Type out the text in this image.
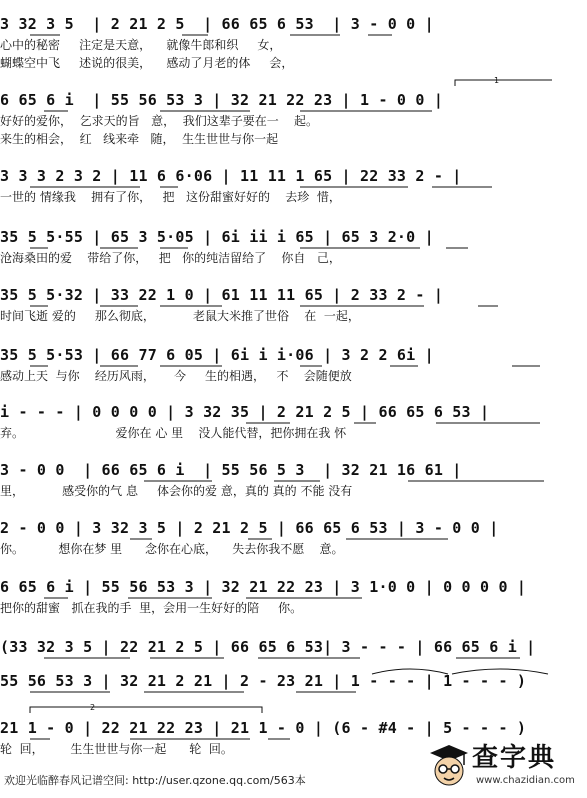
3 32 3 5  | 2 21 2 5  | 66 65 6 53  | 3 - 0 0 |
心中的秘密     注定是天意，    就像牛郎和织     女，
蝴蝶空中飞     述说的很美，    感动了月老的体     会，
6 65 6 i  | 55 56 53 3 | 32 21 22 23 | 1 - 0 0 |
好好的爱你，  乞求天的旨   意，  我们这辈子要在一    起。
来生的相会，  红   线来牵   随，  生生世世与你一起
3 3 3 2 3 2 | 11 6 6·06 | 11 11 1 65 | 22 33 2 - |
一世的 情缘我    拥有了你，   把   这份甜蜜好好的    去珍  惜，
35 5 5·55 | 65 3 5·05 | 6i ii i 65 | 65 3 2·0 |
沧海桑田的爱    带给了你，   把   你的纯洁留给了    你自   己，
35 5 5·32 | 33 22 1 0 | 61 11 11 65 | 2 33 2 - |
时间飞逝 爱的     那么彻底，          老鼠大米推了世俗    在  一起，
35 5 5·53 | 66 77 6 05 | 6i i i·06 | 3 2 2 6i |
感动上天  与你    经历风雨，     今     生的相遇，   不    会随便放
i - - - | 0 0 0 0 | 3 32 35 | 2 21 2 5 | 66 65 6 53 |
弃。                        爱你在 心 里    没人能代替，把你拥在我 怀
3 - 0 0  | 66 65 6 i  | 55 56 5 3  | 32 21 16 61 |
里，          感受你的气 息     体会你的爱 意，真的 真的 不能 没有
2 - 0 0 | 3 32 3 5 | 2 21 2 5 | 66 65 6 53 | 3 - 0 0 |
你。         想你在梦 里      念你在心底，    失去你我不愿    意。
6 65 6 i | 55 56 53 3 | 32 21 22 23 | 3 1·0 0 | 0 0 0 0 |
把你的甜蜜   抓在我的手  里，会用一生好好的陪     你。
(33 32 3 5 | 22 21 2 5 | 66 65 6 53| 3 - - - | 66 65 6 i |
55 56 53 3 | 32 21 2 21 | 2 - 23 21 | 1 - - - | 1 - - - )
21 1 - 0 | 22 21 22 23 | 21 1 - 0 | (6 - #4 - | 5 - - - )
轮  回，       生生世世与你一起      轮  回。
1
2
欢迎光临醉春风记谱空间: http://user.qzone.qq.com/563本
查字典
www.chazidian.com
